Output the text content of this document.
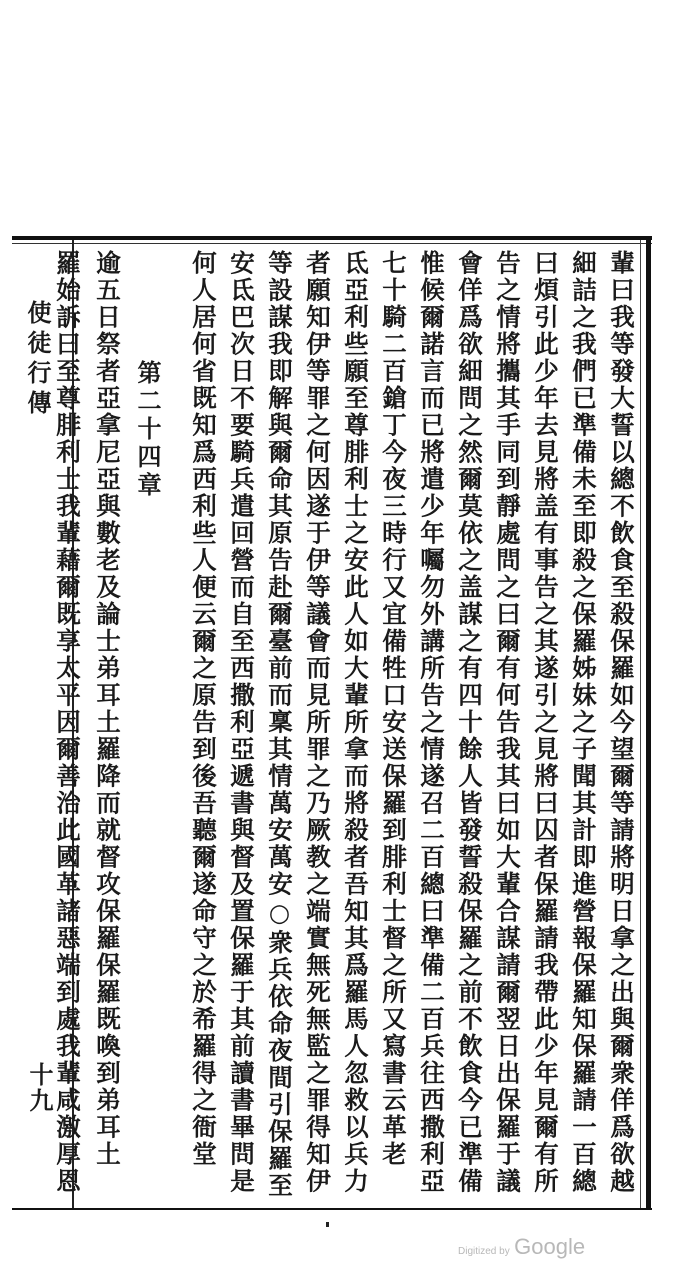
使徒行傳
十九
第二十四章	輩曰我等發大誓以總不飲食至殺保羅如今望爾等請將明日拿之出與爾衆佯爲欲越
細詰之我們已準備未至即殺之保羅姊妹之子聞其計即進營報保羅知保羅請一百總
曰煩引此少年去見將盖有事告之其遂引之見將曰囚者保羅請我帶此少年見爾有所
告之情將攜其手同到靜處問之曰爾有何告我其曰如大輩合謀請爾翌日出保羅于議
會佯爲欲細問之然爾莫依之盖謀之有四十餘人皆發誓殺保羅之前不飲食今已準備
惟候爾諾言而已將遣少年囑勿外講所告之情遂召二百總曰準備二百兵往西撒利亞
七十騎二百鎗丁今夜三時行又宜備牲口安送保羅到腓利士督之所又寫書云革老
氐亞利些願至尊腓利士之安此人如大輩所拿而將殺者吾知其爲羅馬人忽救以兵力
者願知伊等罪之何因遂于伊等議會而見所罪之乃厥教之端實無死無監之罪得知伊
等設謀我即解與爾命其原告赴爾臺前而稟其情萬安萬安○衆兵依命夜間引保羅至
安氐巴次日不要騎兵遣回營而自至西撒利亞遞書與督及置保羅于其前讀書畢問是
何人居何省既知爲西利些人便云爾之原告到後吾聽爾遂命守之於希羅得之衙堂
逾五日祭者亞拿尼亞與數老及論士弟耳土羅降而就督攻保羅保羅既喚到弟耳土
羅始訴曰至尊腓利士我輩藉爾既享太平因爾善治此國革諸惡端到處我輩咸激厚恩
Digitized by Google
